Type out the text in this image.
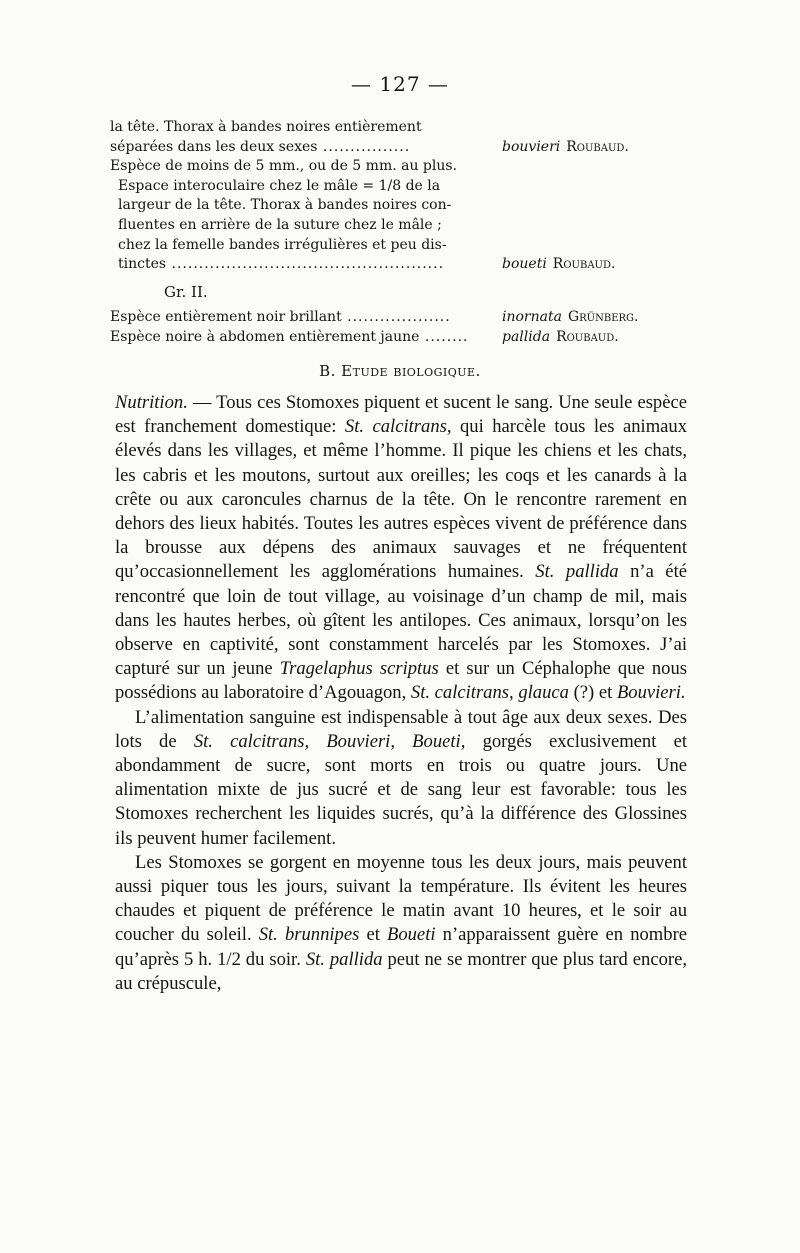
— 127 —
la tête. Thorax à bandes noires entièrement
séparées dans les deux sexes ................	bouvieri Roubaud.
Espèce de moins de 5 mm., ou de 5 mm. au plus.
Espace interoculaire chez le mâle = 1/8 de la
largeur de la tête. Thorax à bandes noires con-
fluentes en arrière de la suture chez le mâle ;
chez la femelle bandes irrégulières et peu dis-
tinctes ..................................................	boueti Roubaud.
Gr. II.
Espèce entièrement noir brillant ...................	inornata Grünberg.
Espèce noire à abdomen entièrement jaune ........	pallida Roubaud.
B. Etude biologique.

Nutrition. — Tous ces Stomoxes piquent et sucent le sang. Une seule espèce est franchement domestique: St. calcitrans, qui harcèle tous les animaux élevés dans les villages, et même l’homme. Il pique les chiens et les chats, les cabris et les moutons, surtout aux oreilles; les coqs et les canards à la crête ou aux caroncules charnus de la tête. On le rencontre rarement en dehors des lieux habités. Toutes les autres espèces vivent de préférence dans la brousse aux dépens des animaux sauvages et ne fréquentent qu’occasionnellement les agglomérations humaines. St. pallida n’a été rencontré que loin de tout village, au voisinage d’un champ de mil, mais dans les hautes herbes, où gîtent les antilopes. Ces animaux, lorsqu’on les observe en captivité, sont constamment harcelés par les Stomoxes. J’ai capturé sur un jeune Tragelaphus scriptus et sur un Céphalophe que nous possédions au laboratoire d’Agouagon, St. calcitrans, glauca (?) et Bouvieri.

L’alimentation sanguine est indispensable à tout âge aux deux sexes. Des lots de St. calcitrans, Bouvieri, Boueti, gorgés exclusivement et abondamment de sucre, sont morts en trois ou quatre jours. Une alimentation mixte de jus sucré et de sang leur est favorable: tous les Stomoxes recherchent les liquides sucrés, qu’à la différence des Glossines ils peuvent humer facilement.

Les Stomoxes se gorgent en moyenne tous les deux jours, mais peuvent aussi piquer tous les jours, suivant la température. Ils évitent les heures chaudes et piquent de préférence le matin avant 10 heures, et le soir au coucher du soleil. St. brunnipes et Boueti n’apparaissent guère en nombre qu’après 5 h. 1/2 du soir. St. pallida peut ne se montrer que plus tard encore, au crépuscule,
